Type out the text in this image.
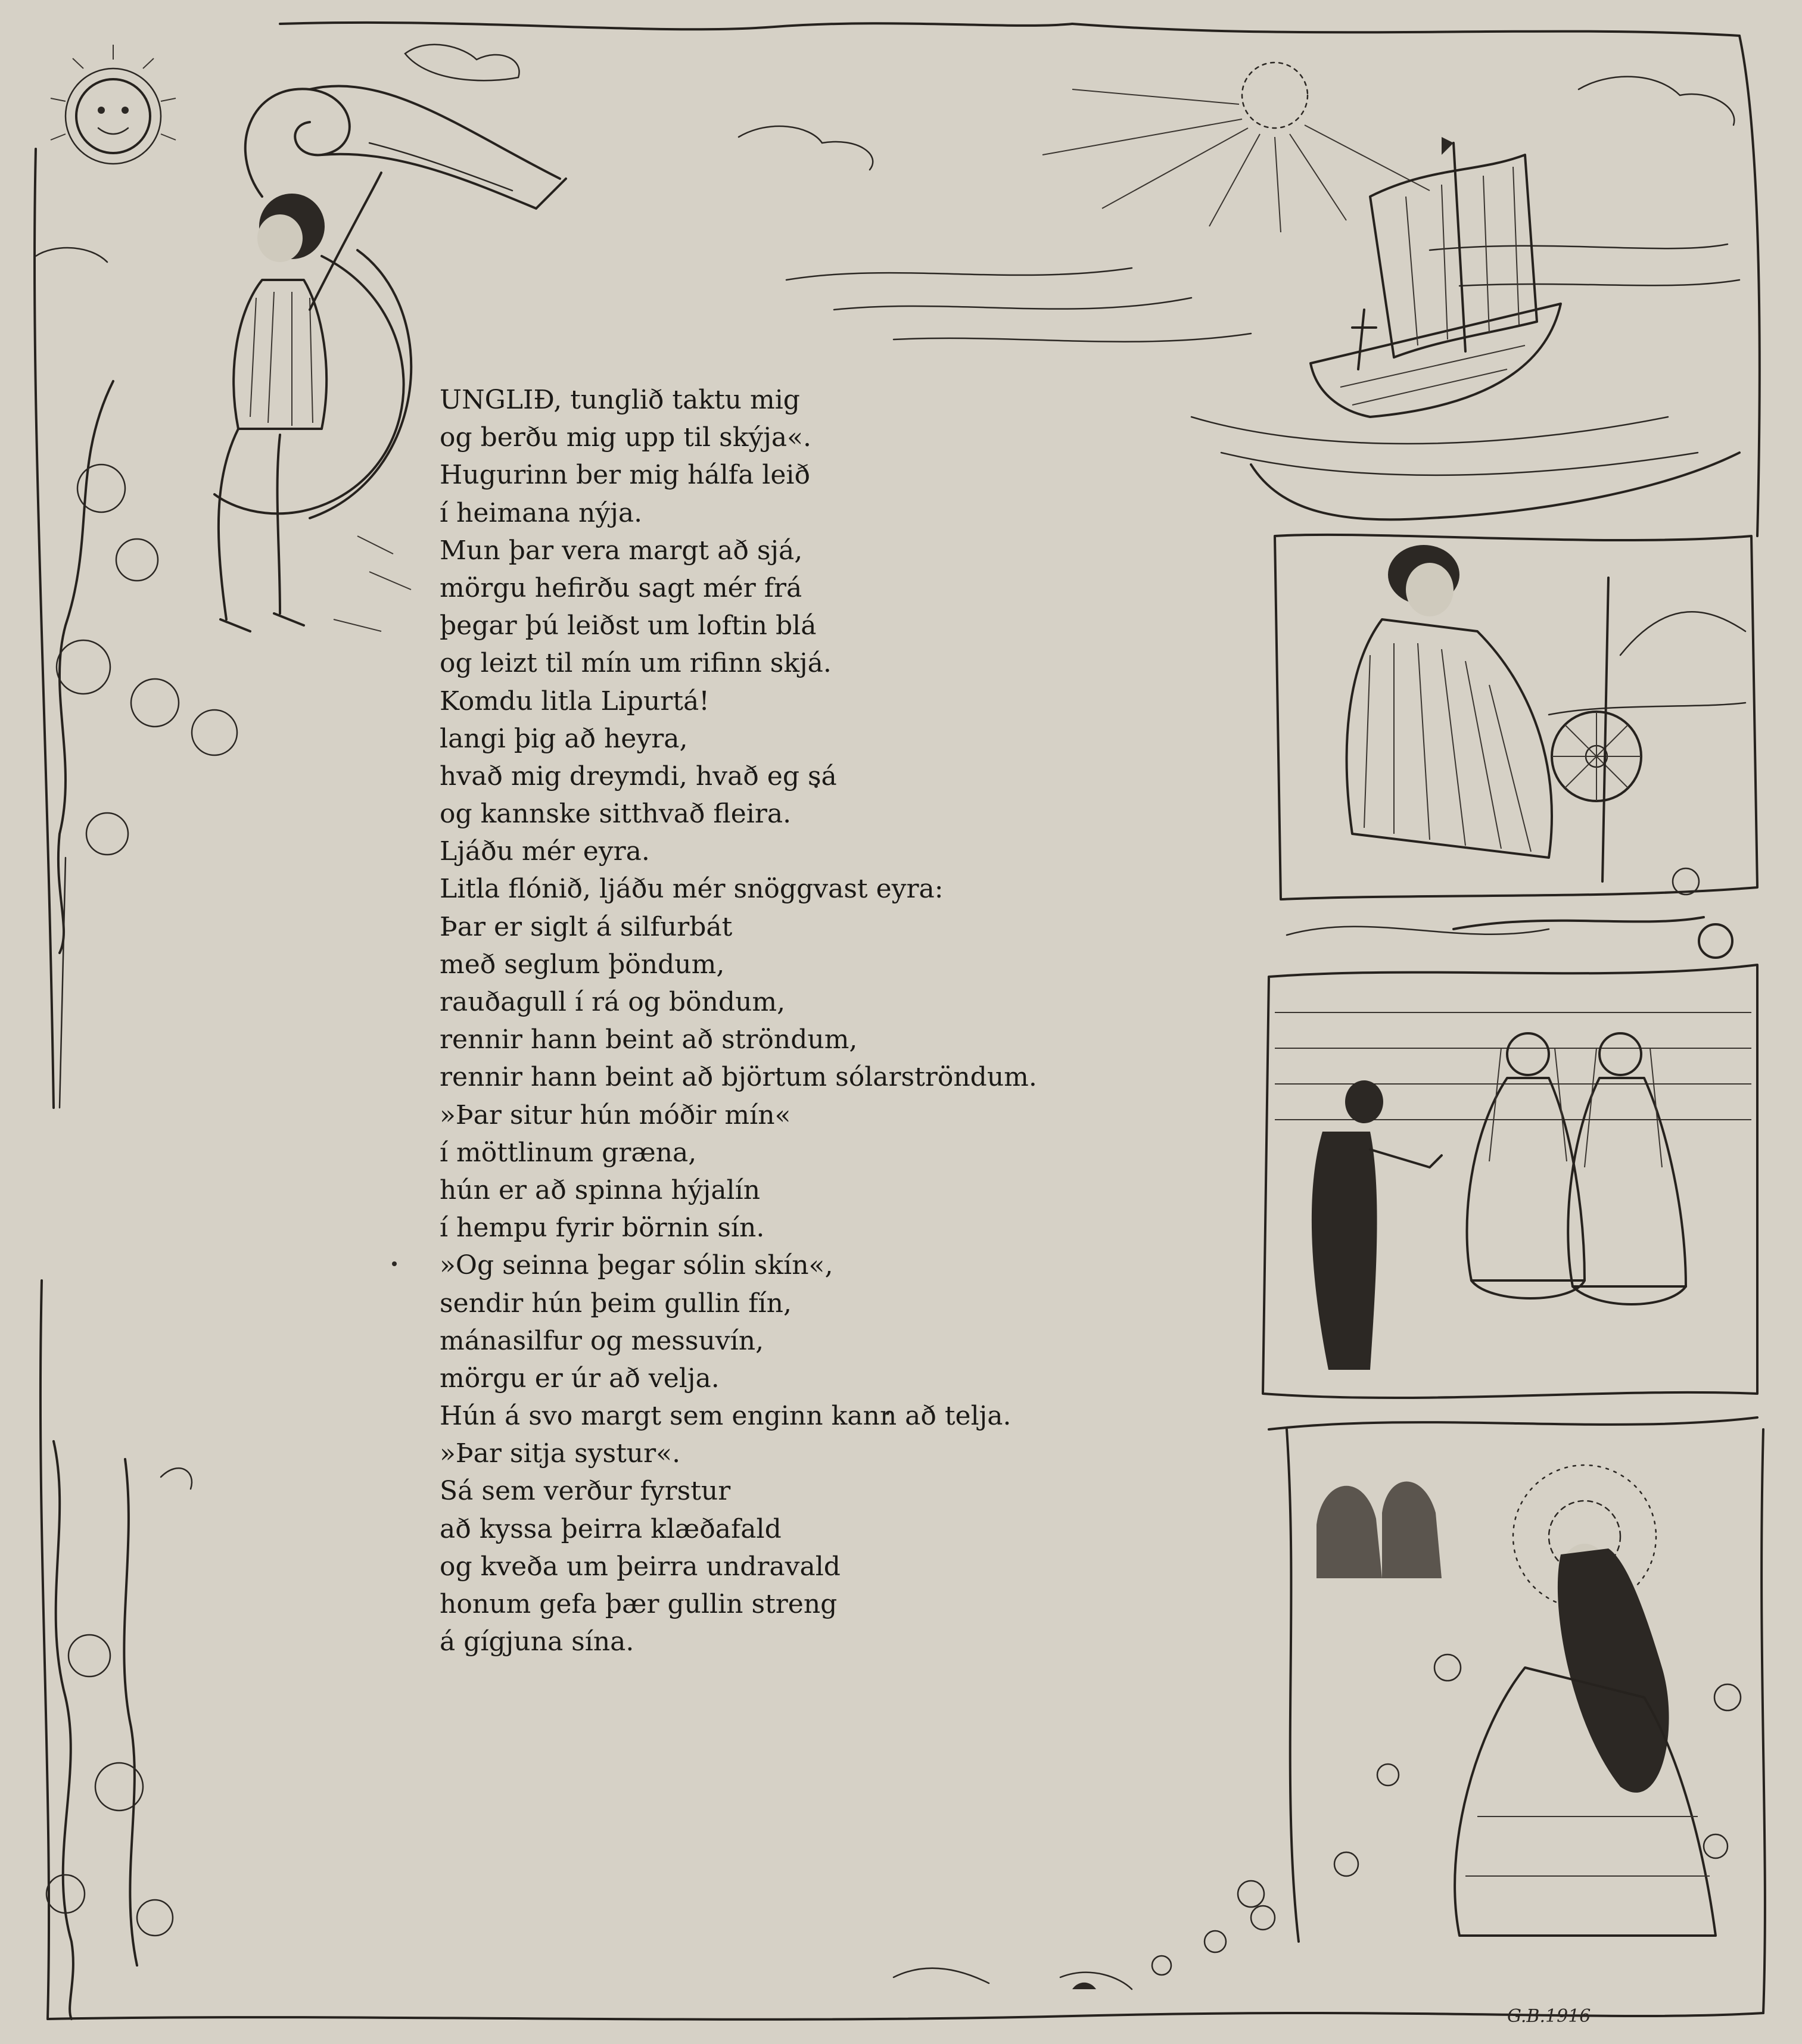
UNGLIÐ, tunglið taktu mig
og berðu mig upp til skýja«.
Hugurinn ber mig hálfa leið
í heimana nýja.
Mun þar vera margt að sjá,
mörgu hefirðu sagt mér frá
þegar þú leiðst um loftin blá
og leizt til mín um rifinn skjá.
Komdu litla Lipurtá!
langi þig að heyra,
hvað mig dreymdi, hvað eg sá
og kannske sitthvað fleira.
Ljáðu mér eyra.
Litla flónið, ljáðu mér snöggvast eyra:
Þar er siglt á silfurbát
með seglum þöndum,
rauðagull í rá og böndum,
rennir hann beint að ströndum,
rennir hann beint að björtum sólarströndum.
»Þar situr hún móðir mín«
í möttlinum græna,
hún er að spinna hýjalín
í hempu fyrir börnin sín.
»Og seinna þegar sólin skín«,
sendir hún þeim gullin fín,
mánasilfur og messuvín,
mörgu er úr að velja.
Hún á svo margt sem enginn kann að telja.
»Þar sitja systur«.
Sá sem verður fyrstur
að kyssa þeirra klæðafald
og kveða um þeirra undravald
honum gefa þær gullin streng
á gígjuna sína.
G.B.1916
